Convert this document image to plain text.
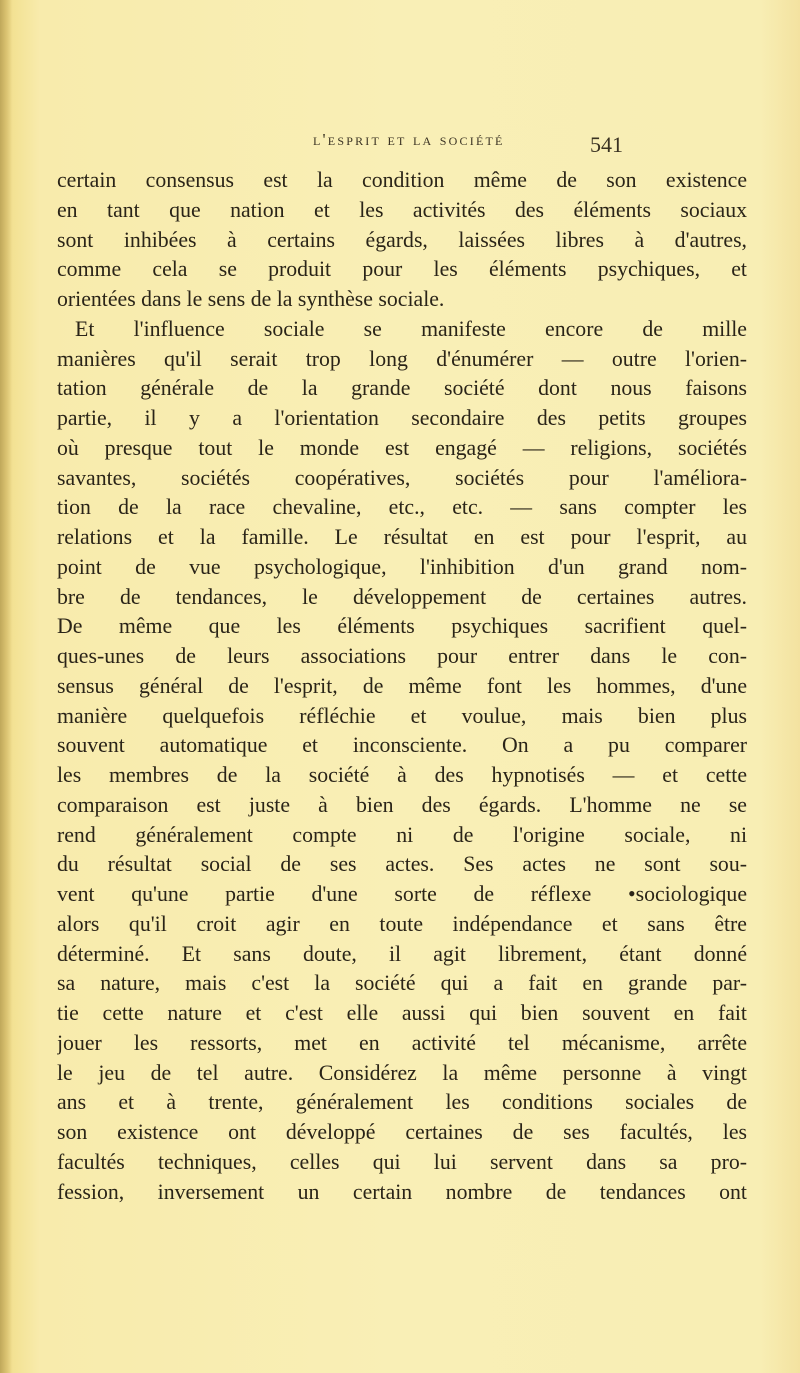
l'esprit et la société	541
certain consensus est la condition même de son existence
en tant que nation et les activités des éléments sociaux
sont inhibées à certains égards, laissées libres à d'autres,
comme cela se produit pour les éléments psychiques, et
orientées dans le sens de la synthèse sociale.
Et l'influence sociale se manifeste encore de mille
manières qu'il serait trop long d'énumérer — outre l'orien-
tation générale de la grande société dont nous faisons
partie, il y a l'orientation secondaire des petits groupes
où presque tout le monde est engagé — religions, sociétés
savantes, sociétés coopératives, sociétés pour l'améliora-
tion de la race chevaline, etc., etc. — sans compter les
relations et la famille. Le résultat en est pour l'esprit, au
point de vue psychologique, l'inhibition d'un grand nom-
bre de tendances, le développement de certaines autres.
De même que les éléments psychiques sacrifient quel-
ques-unes de leurs associations pour entrer dans le con-
sensus général de l'esprit, de même font les hommes, d'une
manière quelquefois réfléchie et voulue, mais bien plus
souvent automatique et inconsciente. On a pu comparer
les membres de la société à des hypnotisés — et cette
comparaison est juste à bien des égards. L'homme ne se
rend généralement compte ni de l'origine sociale, ni
du résultat social de ses actes. Ses actes ne sont sou-
vent qu'une partie d'une sorte de réflexe •sociologique
alors qu'il croit agir en toute indépendance et sans être
déterminé. Et sans doute, il agit librement, étant donné
sa nature, mais c'est la société qui a fait en grande par-
tie cette nature et c'est elle aussi qui bien souvent en fait
jouer les ressorts, met en activité tel mécanisme, arrête
le jeu de tel autre. Considérez la même personne à vingt
ans et à trente, généralement les conditions sociales de
son existence ont développé certaines de ses facultés, les
facultés techniques, celles qui lui servent dans sa pro-
fession, inversement un certain nombre de tendances ont
